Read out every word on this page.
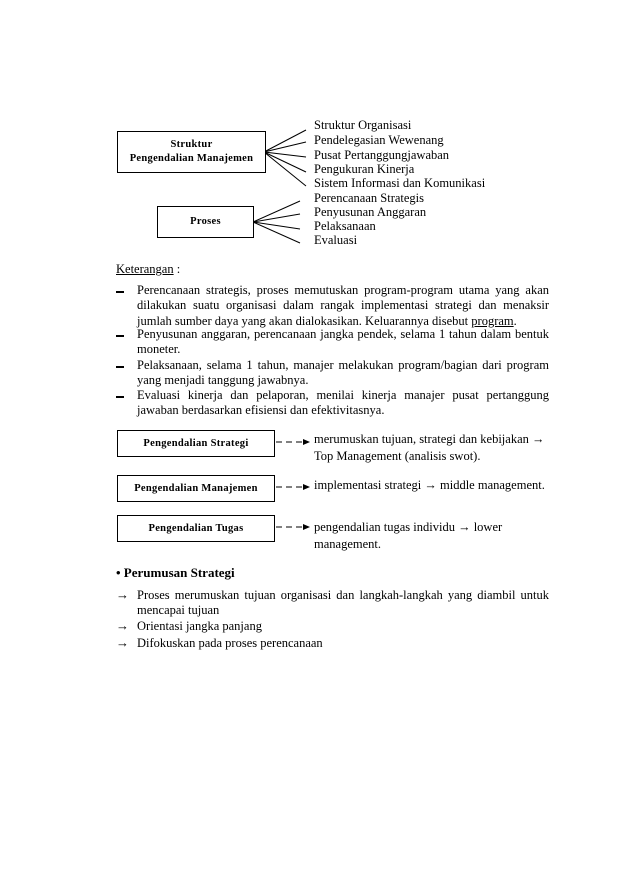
Struktur
Pengendalian Manajemen
Proses
Struktur Organisasi
Pendelegasian Wewenang
Pusat Pertanggungjawaban
Pengukuran Kinerja
Sistem Informasi dan Komunikasi
Perencanaan Strategis
Penyusunan Anggaran
Pelaksanaan
Evaluasi
Keterangan :
Perencanaan strategis, proses memutuskan program-program utama yang akan dilakukan suatu organisasi dalam rangak implementasi strategi dan menaksir jumlah sumber daya yang akan dialokasikan. Keluarannya disebut program.
Penyusunan anggaran, perencanaan jangka pendek, selama 1 tahun dalam bentuk moneter.
Pelaksanaan, selama 1 tahun, manajer melakukan program/bagian dari program yang menjadi tanggung jawabnya.
Evaluasi kinerja dan pelaporan, menilai kinerja manajer pusat pertanggung jawaban berdasarkan efisiensi dan efektivitasnya.
Pengendalian Strategi	merumuskan tujuan, strategi dan kebijakan →
Top Management (analisis swot).
Pengendalian Manajemen	implementasi strategi → middle management.
Pengendalian Tugas	pengendalian tugas individu → lower
management.
• Perumusan Strategi
→ Proses merumuskan tujuan organisasi dan langkah-langkah yang diambil untuk
mencapai tujuan
→ Orientasi jangka panjang
→ Difokuskan pada proses perencanaan
